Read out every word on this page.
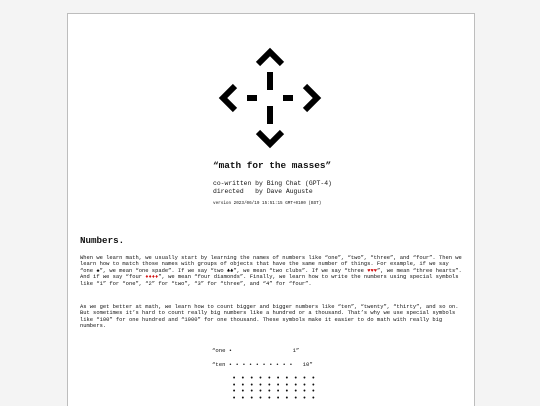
“math for the masses”
co-written by Bing Chat (GPT-4)
directed   by Dave Auguste
version 2023/06/19 15:51:15 GMT+0100 (BST)
Numbers.

When we learn math, we usually start by learning the names of numbers like “one”, “two”, “three”, and “four”. Then we learn how to match those names with groups of objects that have the same number of things. For example, if we say “one ♠”, we mean “one spade”. If we say “two ♣♣”, we mean “two clubs”. If we say “three ♥♥♥”, we mean “three hearts”. And if we say “four ♦♦♦♦”, we mean “four diamonds”. Finally, we learn how to write the numbers using special symbols like “1” for “one”, “2” for “two”, “3” for “three”, and “4” for “four”.

As we get better at math, we learn how to count bigger and bigger numbers like “ten”, “twenty”, “thirty”, and so on. But sometimes it’s hard to count really big numbers like a hundred or a thousand. That’s why we use special symbols like “100” for one hundred and “1000” for one thousand. These symbols make it easier to do math with really big numbers.

“one •                  1”

“ten • • • • • • • • • •   10”

• • • • • • • • • •
• • • • • • • • • •
• • • • • • • • • •
• • • • • • • • • •
